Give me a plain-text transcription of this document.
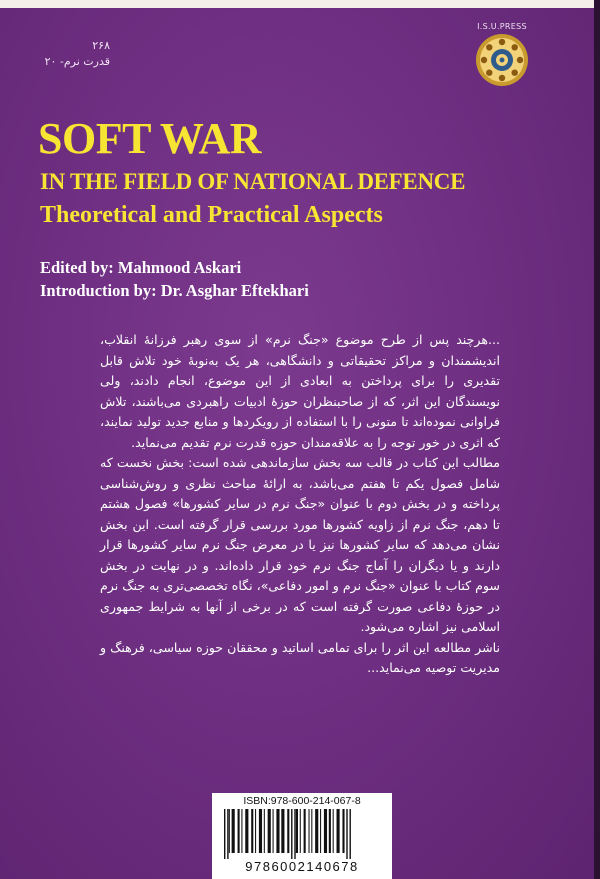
۲۶۸
قدرت نرم- ۲۰
I.S.U.PRESS
SOFT WAR
IN THE FIELD OF NATIONAL DEFENCE
Theoretical and Practical Aspects
Edited by: Mahmood Askari
Introduction by: Dr. Asghar Eftekhari

...هرچند پس از طرح موضوع «جنگ نرم» از سوی رهبر فرزانهٔ انقلاب، اندیشمندان و مراکز تحقیقاتی و دانشگاهی، هر یک به‌نوبهٔ خود تلاش قابل تقدیری را برای پرداختن به ابعادی از این موضوع، انجام دادند، ولی نویسندگان این اثر، که از صاحبنظران حوزهٔ ادبیات راهبردی می‌باشند، تلاش فراوانی نموده‌اند تا متونی را با استفاده از رویکردها و منابع جدید تولید نمایند، که اثری در خور توجه را به علاقه‌مندان حوزه قدرت نرم تقدیم می‌نماید.

مطالب این کتاب در قالب سه بخش سازماندهی شده است: بخش نخست که شامل فصول یکم تا هفتم می‌باشد، به ارائهٔ مباحث نظری و روش‌شناسی پرداخته و در بخش دوم با عنوان «جنگ نرم در سایر کشورها» فصول هشتم تا دهم، جنگ نرم از زاویه کشورها مورد بررسی قرار گرفته است. این بخش نشان می‌دهد که سایر کشورها نیز یا در معرض جنگ نرم سایر کشورها قرار دارند و یا دیگران را آماج جنگ نرم خود قرار داده‌اند. و در نهایت در بخش سوم کتاب با عنوان «جنگ نرم و امور دفاعی»، نگاه تخصصی‌تری به جنگ نرم در حوزهٔ دفاعی صورت گرفته است که در برخی از آنها به شرایط جمهوری اسلامی نیز اشاره می‌شود.

ناشر مطالعه این اثر را برای تمامی اساتید و محققان حوزه سیاسی، فرهنگ و مدیریت توصیه می‌نماید...

ISBN:978-600-214-067-8
9786002140678
